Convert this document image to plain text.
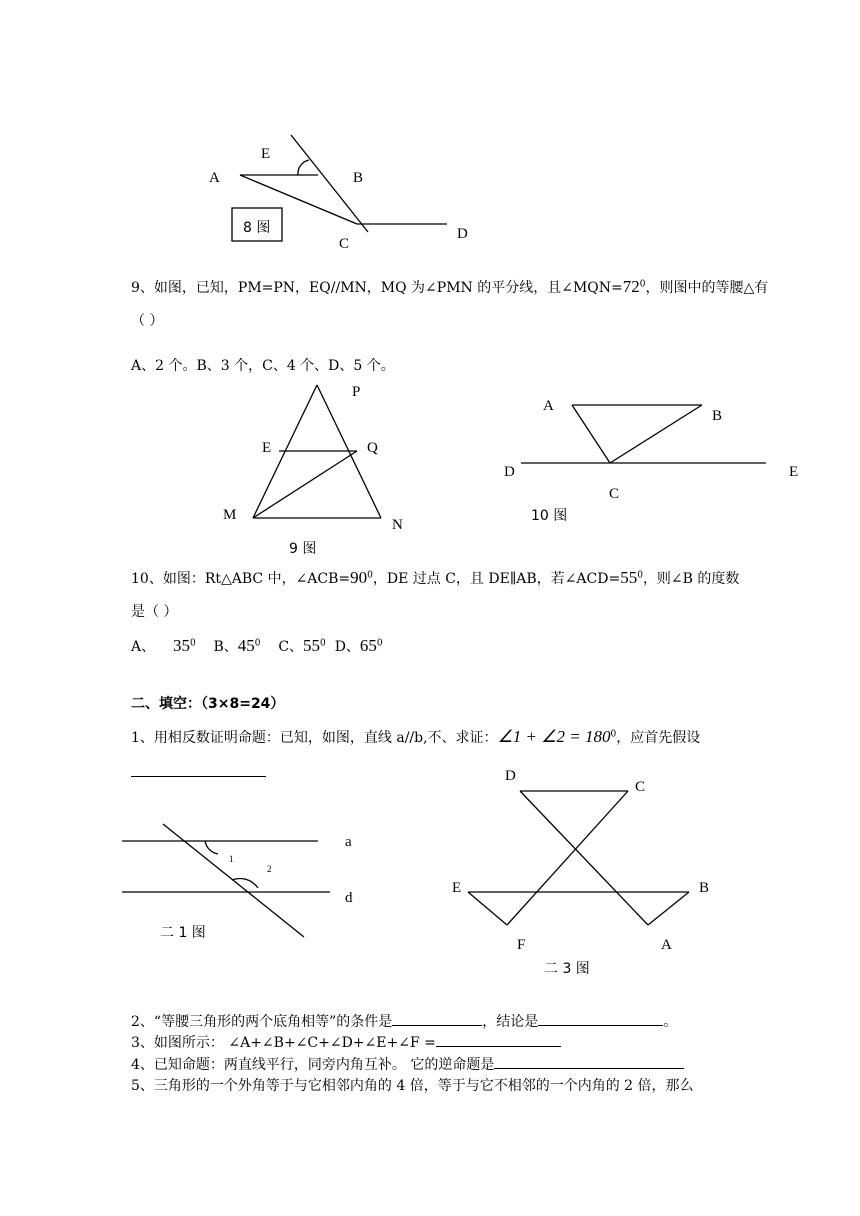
A
E
B
C
D
8 图
9、如图，已知，PM=PN，EQ//MN，MQ 为∠PMN 的平分线，且$\angle MQN=72^0$，则图中的等腰△有
（ ）
A、2 个。B、3 个，C、4 个、D、5 个。
P
E	Q
M
N
9 图
A
B
D	E
C
10 图
10、如图：Rt△ABC 中，$\angle ACB=90^0$，DE 过点 C，且 DE∥AB，若$\angle ACD=55^0$，则∠B 的度数
是（ ）
A、 $35^0$ B、$45^0$ C、$55^0$ D、$65^0$
二、填空：（3×8=24）
1、用相反数证明命题：已知，如图，直线 a//b,不、求证：∠1 + ∠2 = $180^0$，应首先假设
a
d
1
2
二 1 图
D
C
E	B
F	A
二 3 图
2、“等腰三角形的两个底角相等”的条件是	，结论是	。
3、如图所示： ∠A+∠B+∠C+∠D+∠E+∠F =
4、已知命题：两直线平行，同旁内角互补。 它的逆命题是
5、三角形的一个外角等于与它相邻内角的 4 倍，等于与它不相邻的一个内角的 2 倍，那么
